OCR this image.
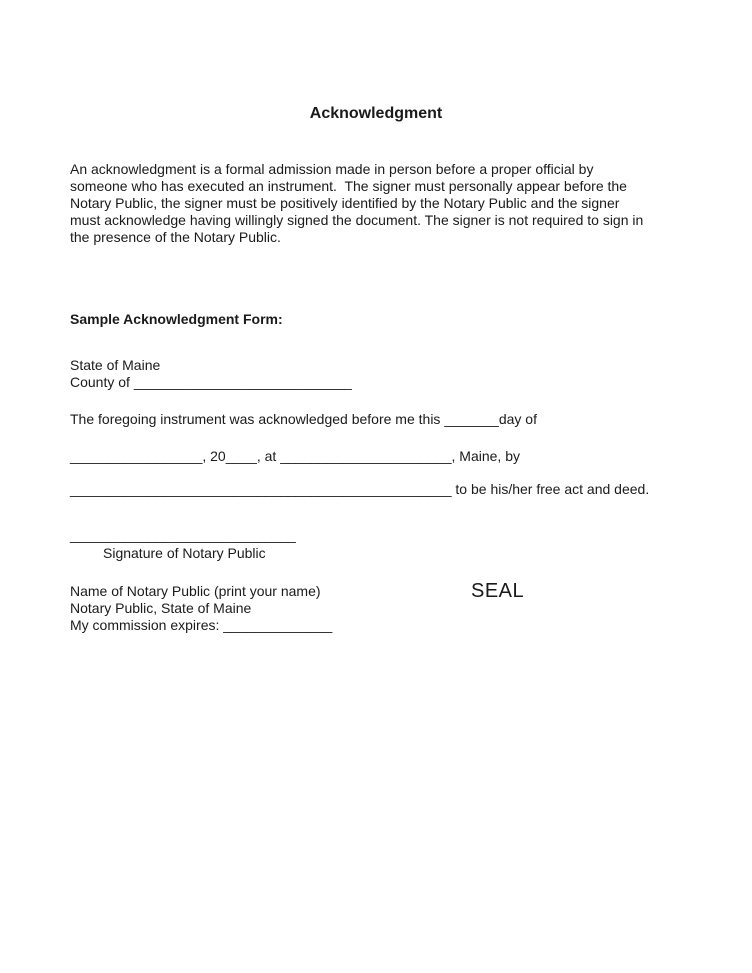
Acknowledgment
An acknowledgment is a formal admission made in person before a proper official by
someone who has executed an instrument.  The signer must personally appear before the
Notary Public, the signer must be positively identified by the Notary Public and the signer
must acknowledge having willingly signed the document. The signer is not required to sign in
the presence of the Notary Public.
Sample Acknowledgment Form:
State of Maine
County of ____________________________
The foregoing instrument was acknowledged before me this _______day of
_________________, 20____, at ______________________, Maine, by
_________________________________________________ to be his/her free act and deed.
_____________________________
Signature of Notary Public
Name of Notary Public (print your name)
Notary Public, State of Maine
My commission expires: ______________
SEAL
